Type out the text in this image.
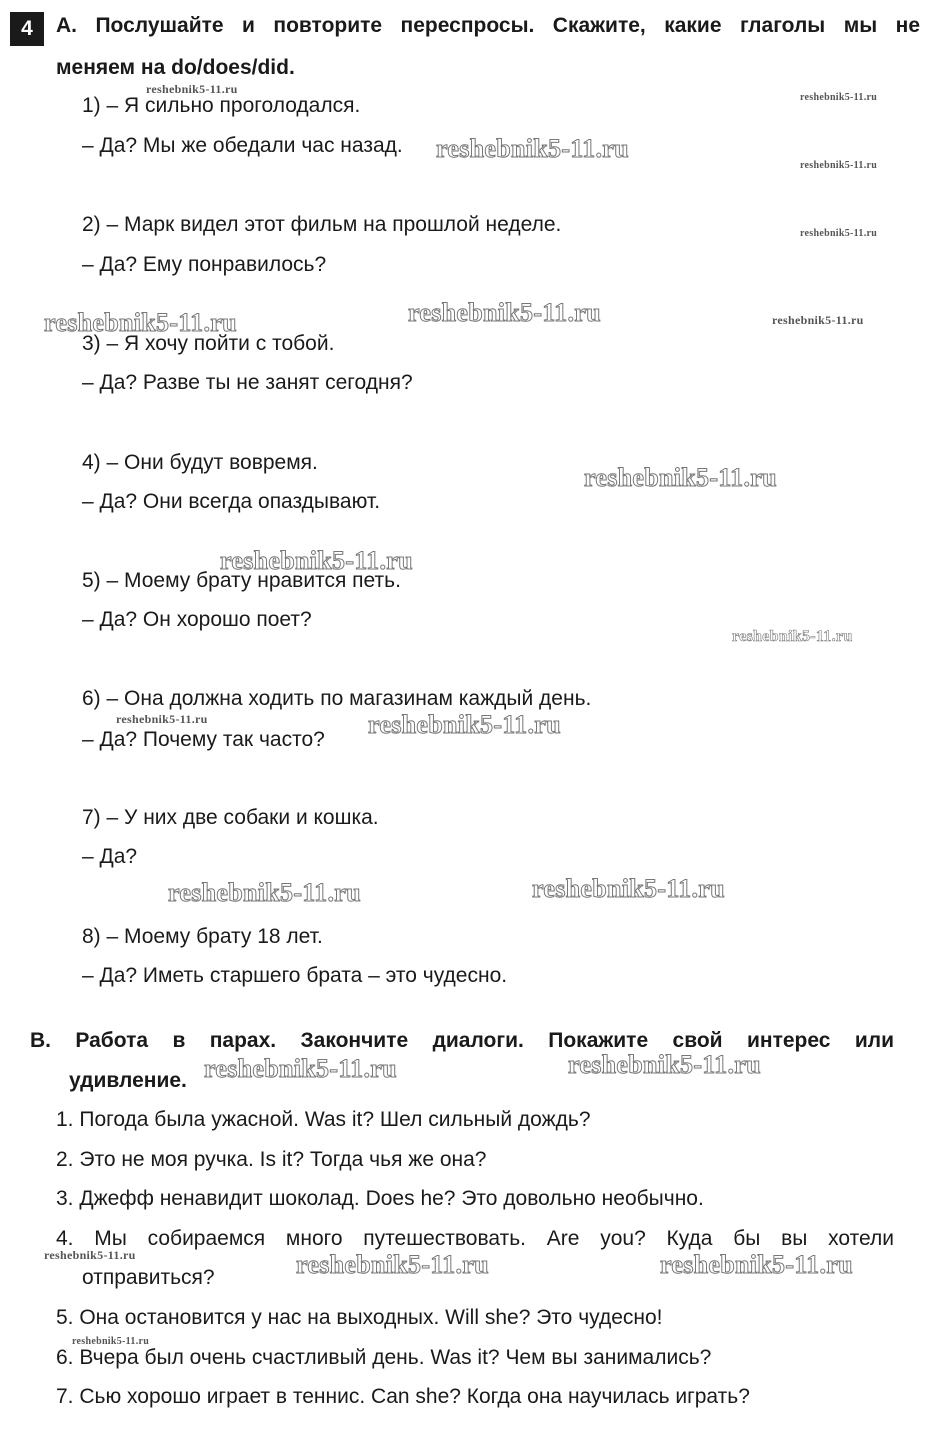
4	A. Послушайте и повторите переспросы. Скажите, какие глаголы мы не
меняем на do/does/did.
1) – Я сильно проголодался.
– Да? Мы же обедали час назад.
2) – Марк видел этот фильм на прошлой неделе.
– Да? Ему понравилось?
3) – Я хочу пойти с тобой.
– Да? Разве ты не занят сегодня?
4) – Они будут вовремя.
– Да? Они всегда опаздывают.
5) – Моему брату нравится петь.
– Да? Он хорошо поет?
6) – Она должна ходить по магазинам каждый день.
– Да? Почему так часто?
7) – У них две собаки и кошка.
– Да?
8) – Моему брату 18 лет.
– Да? Иметь старшего брата – это чудесно.
B. Работа в парах. Закончите диалоги. Покажите свой интерес или
удивление.
1. Погода была ужасной. Was it? Шел сильный дождь?
2. Это не моя ручка. Is it? Тогда чья же она?
3. Джефф ненавидит шоколад. Does he? Это довольно необычно.
4. Мы собираемся много путешествовать. Are you? Куда бы вы хотели
отправиться?
5. Она остановится у нас на выходных. Will she? Это чудесно!
6. Вчера был очень счастливый день. Was it? Чем вы занимались?
7. Сью хорошо играет в теннис. Can she? Когда она научилась играть?
reshebnik5-11.ru
reshebnik5-11.ru
reshebnik5-11.ru
reshebnik5-11.ru
reshebnik5-11.ru
reshebnik5-11.ru	reshebnik5-11.ru	reshebnik5-11.ru
reshebnik5-11.ru
reshebnik5-11.ru
reshebnik5-11.ru
reshebnik5-11.ru	reshebnik5-11.ru
reshebnik5-11.ru	reshebnik5-11.ru
reshebnik5-11.ru	reshebnik5-11.ru
reshebnik5-11.ru	reshebnik5-11.ru	reshebnik5-11.ru
reshebnik5-11.ru
